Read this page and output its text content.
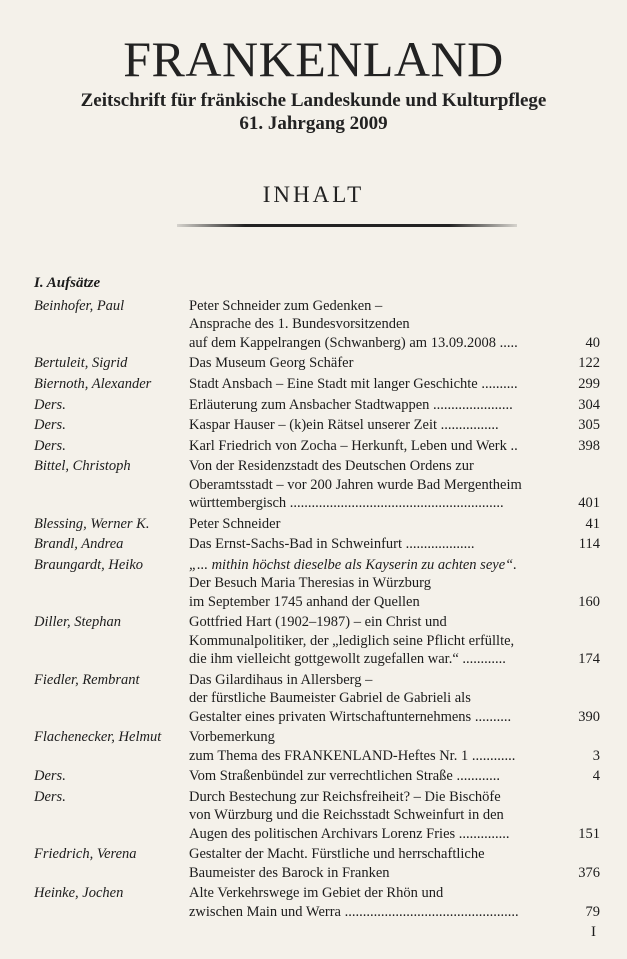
FRANKENLAND
Zeitschrift für fränkische Landeskunde und Kulturpflege
61. Jahrgang 2009
INHALT
I. Aufsätze
Beinhofer, Paul	Peter Schneider zum Gedenken –
Ansprache des 1. Bundesvorsitzenden
auf dem Kappelrangen (Schwanberg) am 13.09.2008 .....	40
Bertuleit, Sigrid	Das Museum Georg Schäfer	122
Biernoth, Alexander	Stadt Ansbach – Eine Stadt mit langer Geschichte ..........	299
Ders.	Erläuterung zum Ansbacher Stadtwappen ......................	304
Ders.	Kaspar Hauser – (k)ein Rätsel unserer Zeit ................	305
Ders.	Karl Friedrich von Zocha – Herkunft, Leben und Werk ..	398
Bittel, Christoph	Von der Residenzstadt des Deutschen Ordens zur
Oberamtsstadt – vor 200 Jahren wurde Bad Mergentheim
württembergisch ...........................................................	401
Blessing, Werner K.	Peter Schneider	41
Brandl, Andrea	Das Ernst-Sachs-Bad in Schweinfurt ...................	114
Braungardt, Heiko	„... mithin höchst dieselbe als Kayserin zu achten seye“.
Der Besuch Maria Theresias in Würzburg
im September 1745 anhand der Quellen	160
Diller, Stephan	Gottfried Hart (1902–1987) – ein Christ und
Kommunalpolitiker, der „lediglich seine Pflicht erfüllte,
die ihm vielleicht gottgewollt zugefallen war.“ ............	174
Fiedler, Rembrant	Das Gilardihaus in Allersberg –
der fürstliche Baumeister Gabriel de Gabrieli als
Gestalter eines privaten Wirtschaftunternehmens ..........	390
Flachenecker, Helmut Vorbemerkung
zum Thema des FRANKENLAND-Heftes Nr. 1 ............	3
Ders.	Vom Straßenbündel zur verrechtlichen Straße ............	4
Ders.	Durch Bestechung zur Reichsfreiheit? – Die Bischöfe
von Würzburg und die Reichsstadt Schweinfurt in den
Augen des politischen Archivars Lorenz Fries ..............	151
Friedrich, Verena	Gestalter der Macht. Fürstliche und herrschaftliche
Baumeister des Barock in Franken	376
Heinke, Jochen	Alte Verkehrswege im Gebiet der Rhön und
zwischen Main und Werra ................................................	79
I
